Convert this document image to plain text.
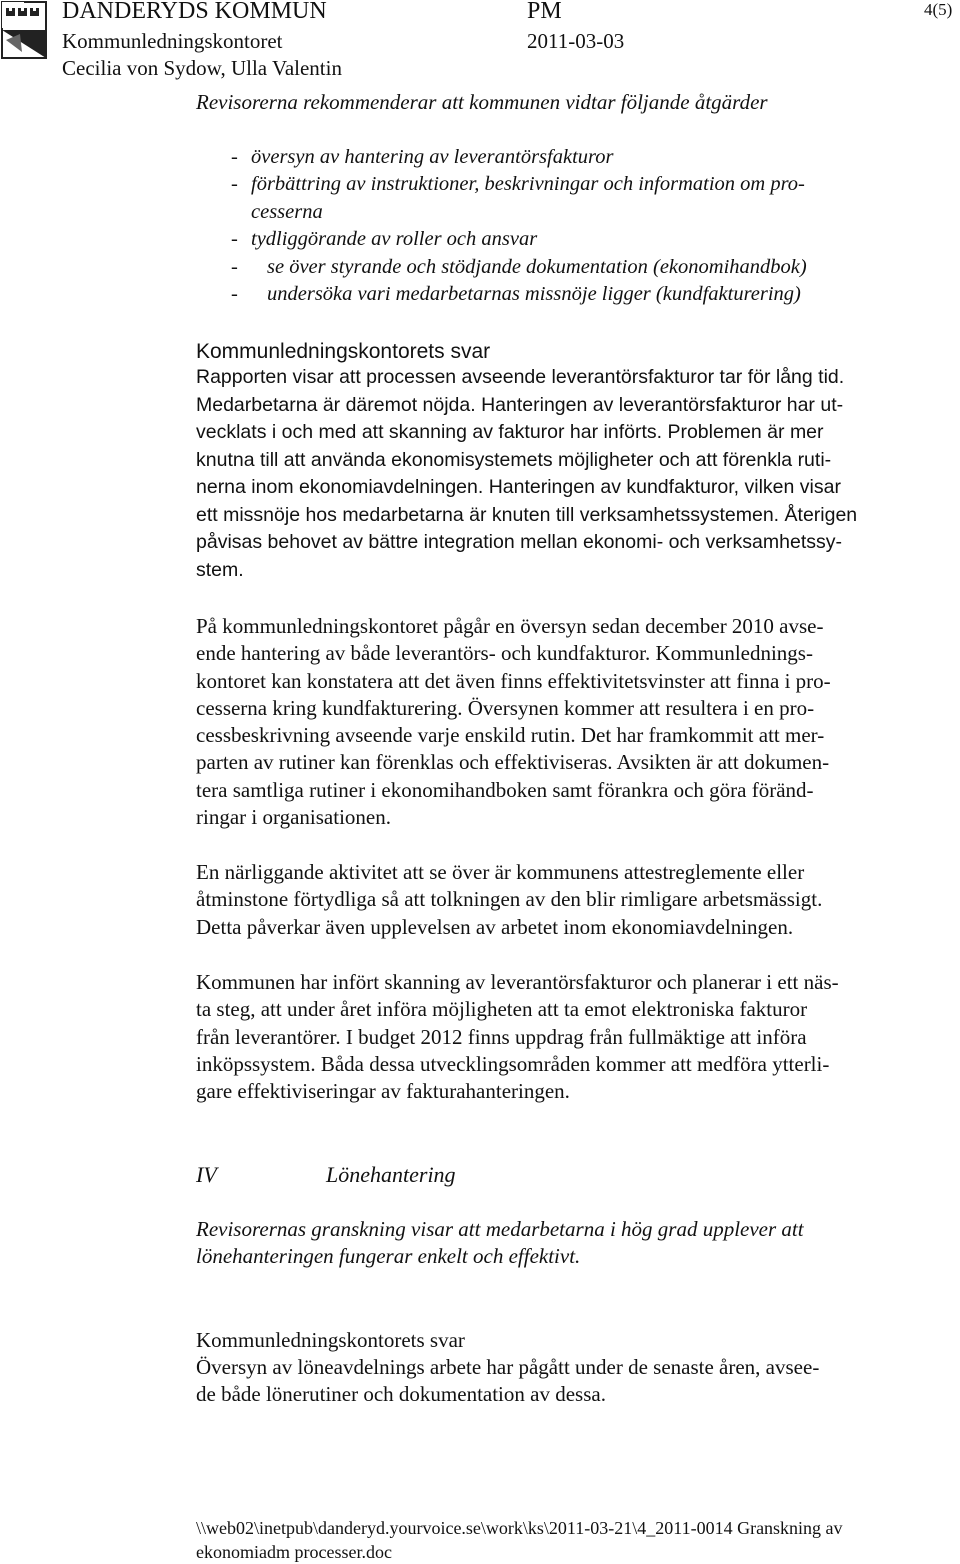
DANDERYDS KOMMUN
Kommunledningskontoret
Cecilia von Sydow, Ulla Valentin
PM
2011-03-03
4(5)
Revisorerna rekommenderar att kommunen vidtar följande åtgärder
- översyn av hantering av leverantörsfakturor
- förbättring av instruktioner, beskrivningar och information om pro-
cesserna
- tydliggörande av roller och ansvar
- se över styrande och stödjande dokumentation (ekonomihandbok)
- undersöka vari medarbetarnas missnöje ligger (kundfakturering)
Kommunledningskontorets svar
Rapporten visar att processen avseende leverantörsfakturor tar för lång tid.
Medarbetarna är däremot nöjda. Hanteringen av leverantörsfakturor har ut-
vecklats i och med att skanning av fakturor har införts. Problemen är mer
knutna till att använda ekonomisystemets möjligheter och att förenkla ruti-
nerna inom ekonomiavdelningen. Hanteringen av kundfakturor, vilken visar
ett missnöje hos medarbetarna är knuten till verksamhetssystemen. Återigen
påvisas behovet av bättre integration mellan ekonomi- och verksamhetssy-
stem.
På kommunledningskontoret pågår en översyn sedan december 2010 avse-
ende hantering av både leverantörs- och kundfakturor. Kommunlednings-
kontoret kan konstatera att det även finns effektivitetsvinster att finna i pro-
cesserna kring kundfakturering. Översynen kommer att resultera i en pro-
cessbeskrivning avseende varje enskild rutin. Det har framkommit att mer-
parten av rutiner kan förenklas och effektiviseras. Avsikten är att dokumen-
tera samtliga rutiner i ekonomihandboken samt förankra och göra föränd-
ringar i organisationen.
En närliggande aktivitet att se över är kommunens attestreglemente eller
åtminstone förtydliga så att tolkningen av den blir rimligare arbetsmässigt.
Detta påverkar även upplevelsen av arbetet inom ekonomiavdelningen.
Kommunen har infört skanning av leverantörsfakturor och planerar i ett näs-
ta steg, att under året införa möjligheten att ta emot elektroniska fakturor
från leverantörer. I budget 2012 finns uppdrag från fullmäktige att införa
inköpssystem. Båda dessa utvecklingsområden kommer att medföra ytterli-
gare effektiviseringar av fakturahanteringen.
IV	Lönehantering
Revisorernas granskning visar att medarbetarna i hög grad upplever att
lönehanteringen fungerar enkelt och effektivt.
Kommunledningskontorets svar
Översyn av löneavdelnings arbete har pågått under de senaste åren, avsee-
de både lönerutiner och dokumentation av dessa.
\\web02\inetpub\danderyd.yourvoice.se\work\ks\2011-03-21\4_2011-0014 Granskning av
ekonomiadm processer.doc
